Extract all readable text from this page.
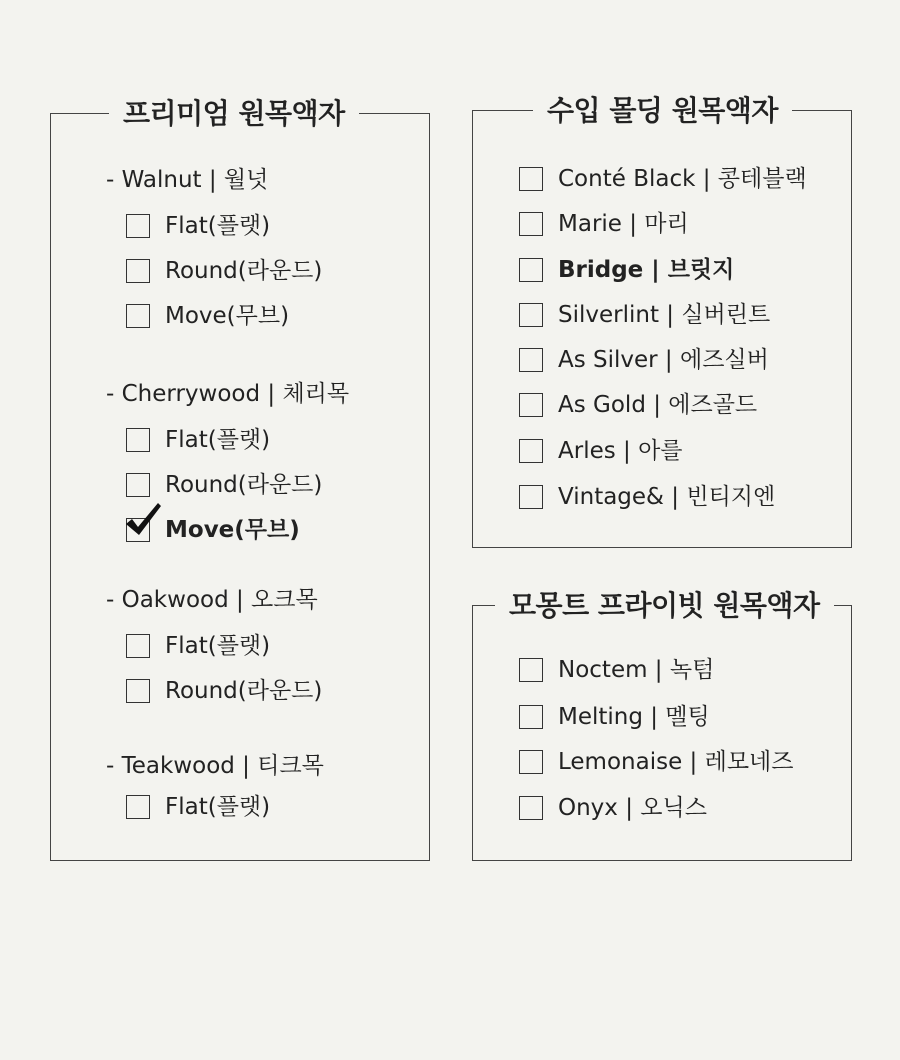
프리미엄 원목액자
- Walnut | 월넛
Flat(플랫)
Round(라운드)
Move(무브)
- Cherrywood | 체리목
Flat(플랫)
Round(라운드)
Move(무브)
- Oakwood | 오크목
Flat(플랫)
Round(라운드)
- Teakwood | 티크목
Flat(플랫)
수입 몰딩 원목액자
Conté Black | 콩테블랙
Marie | 마리
Bridge | 브릿지
Silverlint | 실버린트
As Silver | 에즈실버
As Gold | 에즈골드
Arles | 아를
Vintage& | 빈티지엔
모몽트 프라이빗 원목액자
Noctem | 녹텀
Melting | 멜팅
Lemonaise | 레모네즈
Onyx | 오닉스
